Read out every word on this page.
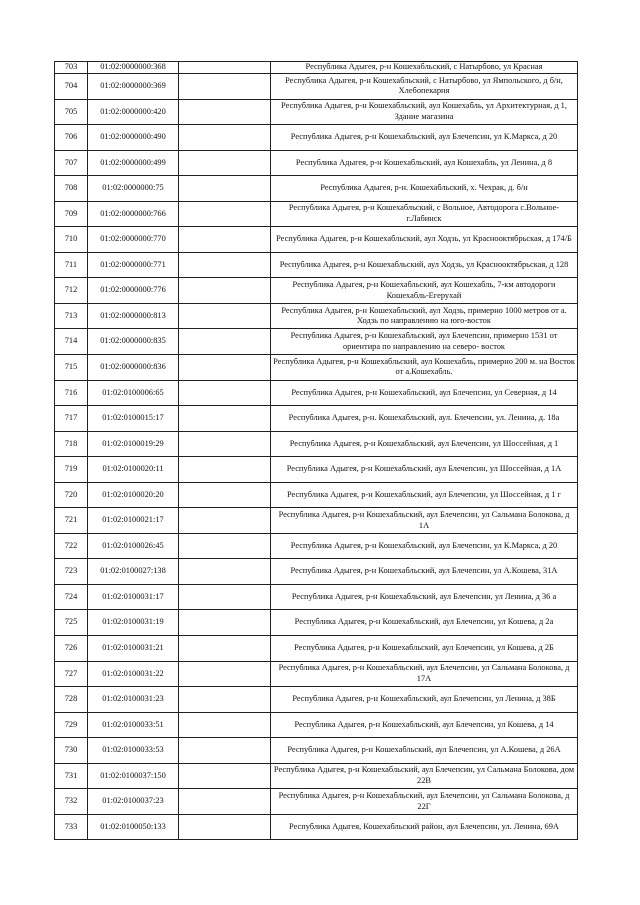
703	01:02:0000000:368		Республика Адыгея, р-н Кошехабльский, с Натырбово, ул Красная
704	01:02:0000000:369		Республика Адыгея, р-н Кошехабльский, с Натырбово, ул Ямпольского, д б/н, Хлебопекарня
705	01:02:0000000:420		Республика Адыгея, р-н Кошехабльский, аул Кошехабль, ул Архитектурная, д 1, Здание магазина
706	01:02:0000000:490		Республика Адыгея, р-н Кошехабльский, аул Блечепсин, ул К.Маркса, д 20
707	01:02:0000000:499		Республика Адыгея, р-н Кошехабльский, аул Кошехабль, ул Ленина, д 8
708	01:02:0000000:75		Республика Адыгея, р-н. Кошехабльский, х. Чехрак, д. б/н
709	01:02:0000000:766		Республика Адыгея, р-н Кошехабльский, с Вольное, Автодорога с.Вольное-г.Лабинск
710	01:02:0000000:770		Республика Адыгея, р-н Кошехабльский, аул Ходзь, ул Краснооктябрьская, д 174/Б
711	01:02:0000000:771		Республика Адыгея, р-н Кошехабльский, аул Ходзь, ул Краснооктябрьская, д 128
712	01:02:0000000:776		Республика Адыгея, р-н Кошехабльский, аул Кошехабль, 7-км автодороги Кошехабль-Егерухай
713	01:02:0000000:813		Республика Адыгея, р-н Кошехабльский, аул Ходзь, примерно 1000 метров от а. Ходзь по направлению на юго-восток
714	01:02:0000000:835		Республика Адыгея, р-н Кошехабльский, аул Блечепсин, примерно 1531 от ориентира по направлению на северо- восток
715	01:02:0000000:836		Республика Адыгея, р-н Кошехабльский, аул Кошехабль, примерно 200 м. на Восток от а.Кошехабль.
716	01:02:0100006:65		Республика Адыгея, р-н Кошехабльский, аул Блечепсин, ул Северная, д 14
717	01:02:0100015:17		Республика Адыгея, р-н. Кошехабльский, аул. Блечепсин, ул. Ленина, д. 18а
718	01:02:0100019:29		Республика Адыгея, р-н Кошехабльский, аул Блечепсин, ул Шоссейная, д 1
719	01:02:0100020:11		Республика Адыгея, р-н Кошехабльский, аул Блечепсин, ул Шоссейная, д 1А
720	01:02:0100020:20		Республика Адыгея, р-н Кошехабльский, аул Блечепсин, ул Шоссейная, д 1 г
721	01:02:0100021:17		Республика Адыгея, р-н Кошехабльский, аул Блечепсин, ул Сальмана Болокова, д 1А
722	01:02:0100026:45		Республика Адыгея, р-н Кошехабльский, аул Блечепсин, ул К.Маркса, д 20
723	01:02:0100027:138		Республика Адыгея, р-н Кошехабльский, аул Блечепсин, ул А.Кошева, 31А
724	01:02:0100031:17		Республика Адыгея, р-н Кошехабльский, аул Блечепсин, ул Ленина, д 36 а
725	01:02:0100031:19		Республика Адыгея, р-н Кошехабльский, аул Блечепсин, ул Кошева, д 2а
726	01:02:0100031:21		Республика Адыгея, р-н Кошехабльский, аул Блечепсин, ул Кошева, д 2Б
727	01:02:0100031:22		Республика Адыгея, р-н Кошехабльский, аул Блечепсин, ул Сальмана Болокова, д 17А
728	01:02:0100031:23		Республика Адыгея, р-н Кошехабльский, аул Блечепсин, ул Ленина, д 38Б
729	01:02:0100033:51		Республика Адыгея, р-н Кошехабльский, аул Блечепсин, ул Кошева, д 14
730	01:02:0100033:53		Республика Адыгея, р-н Кошехабльский, аул Блечепсин, ул А.Кошева, д 26А
731	01:02:0100037:150		Республика Адыгея, р-н Кошехабльский, аул Блечепсин, ул Сальмана Болокова, дом 22В
732	01:02:0100037:23		Республика Адыгея, р-н Кошехабльский, аул Блечепсин, ул Сальмана Болокова, д 22Г
733	01:02:0100050:133		Республика Адыгея, Кошехабльский район, аул Блечепсин, ул. Ленина, 69А
